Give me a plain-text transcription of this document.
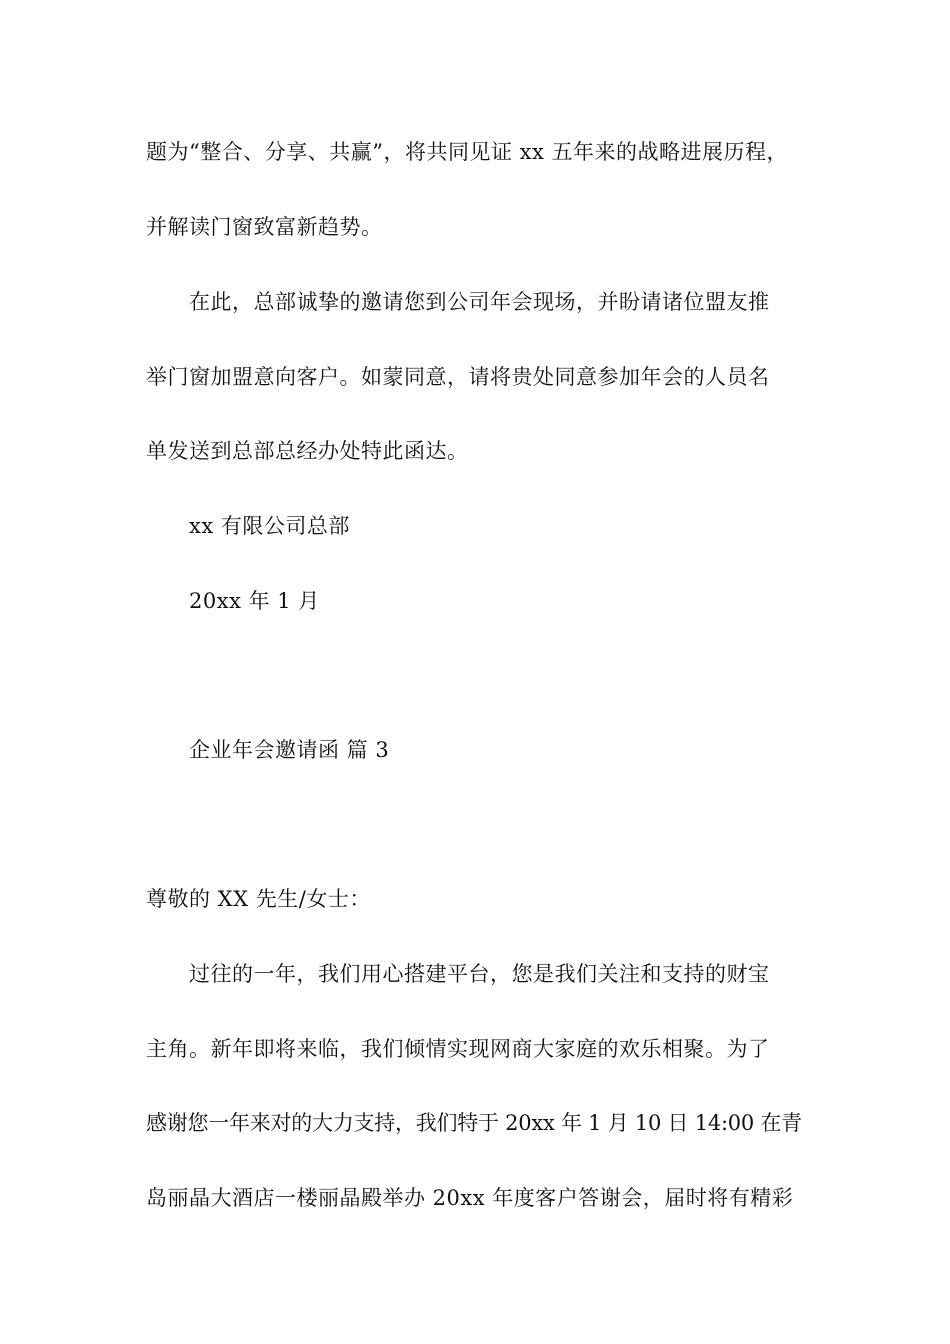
题为“整合、分享、共赢”，将共同见证 xx 五年来的战略进展历程，
并解读门窗致富新趋势。
在此，总部诚挚的邀请您到公司年会现场，并盼请诸位盟友推
举门窗加盟意向客户。如蒙同意，请将贵处同意参加年会的人员名
单发送到总部总经办处特此函达。
xx 有限公司总部
20xx 年 1 月
企业年会邀请函 篇 3
尊敬的 XX 先生/女士：
过往的一年，我们用心搭建平台，您是我们关注和支持的财宝
主角。新年即将来临，我们倾情实现网商大家庭的欢乐相聚。为了
感谢您一年来对的大力支持，我们特于 20xx 年 1 月 10 日 14:00 在青
岛丽晶大酒店一楼丽晶殿举办 20xx 年度客户答谢会，届时将有精彩
